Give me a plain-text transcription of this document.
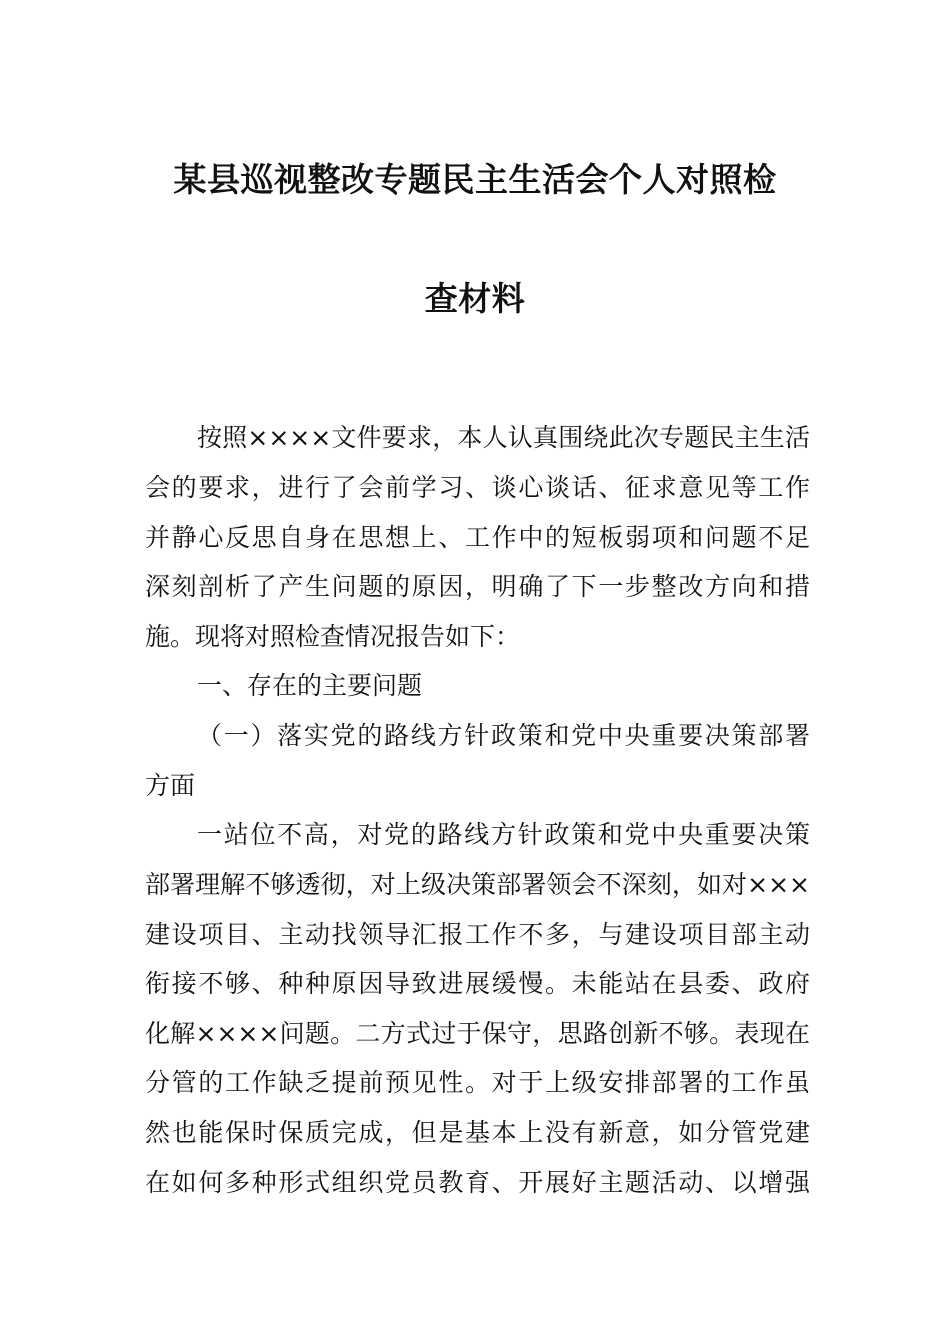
某县巡视整改专题民主生活会个人对照检
查材料
按照××××文件要求，本人认真围绕此次专题民主生活
会的要求，进行了会前学习、谈心谈话、征求意见等工作
并静心反思自身在思想上、工作中的短板弱项和问题不足
深刻剖析了产生问题的原因，明确了下一步整改方向和措
施。现将对照检查情况报告如下：
一、存在的主要问题
（一）落实党的路线方针政策和党中央重要决策部署
方面
一站位不高，对党的路线方针政策和党中央重要决策
部署理解不够透彻，对上级决策部署领会不深刻，如对×××
建设项目、主动找领导汇报工作不多，与建设项目部主动
衔接不够、种种原因导致进展缓慢。未能站在县委、政府
化解××××问题。二方式过于保守，思路创新不够。表现在
分管的工作缺乏提前预见性。对于上级安排部署的工作虽
然也能保时保质完成，但是基本上没有新意，如分管党建
在如何多种形式组织党员教育、开展好主题活动、以增强
